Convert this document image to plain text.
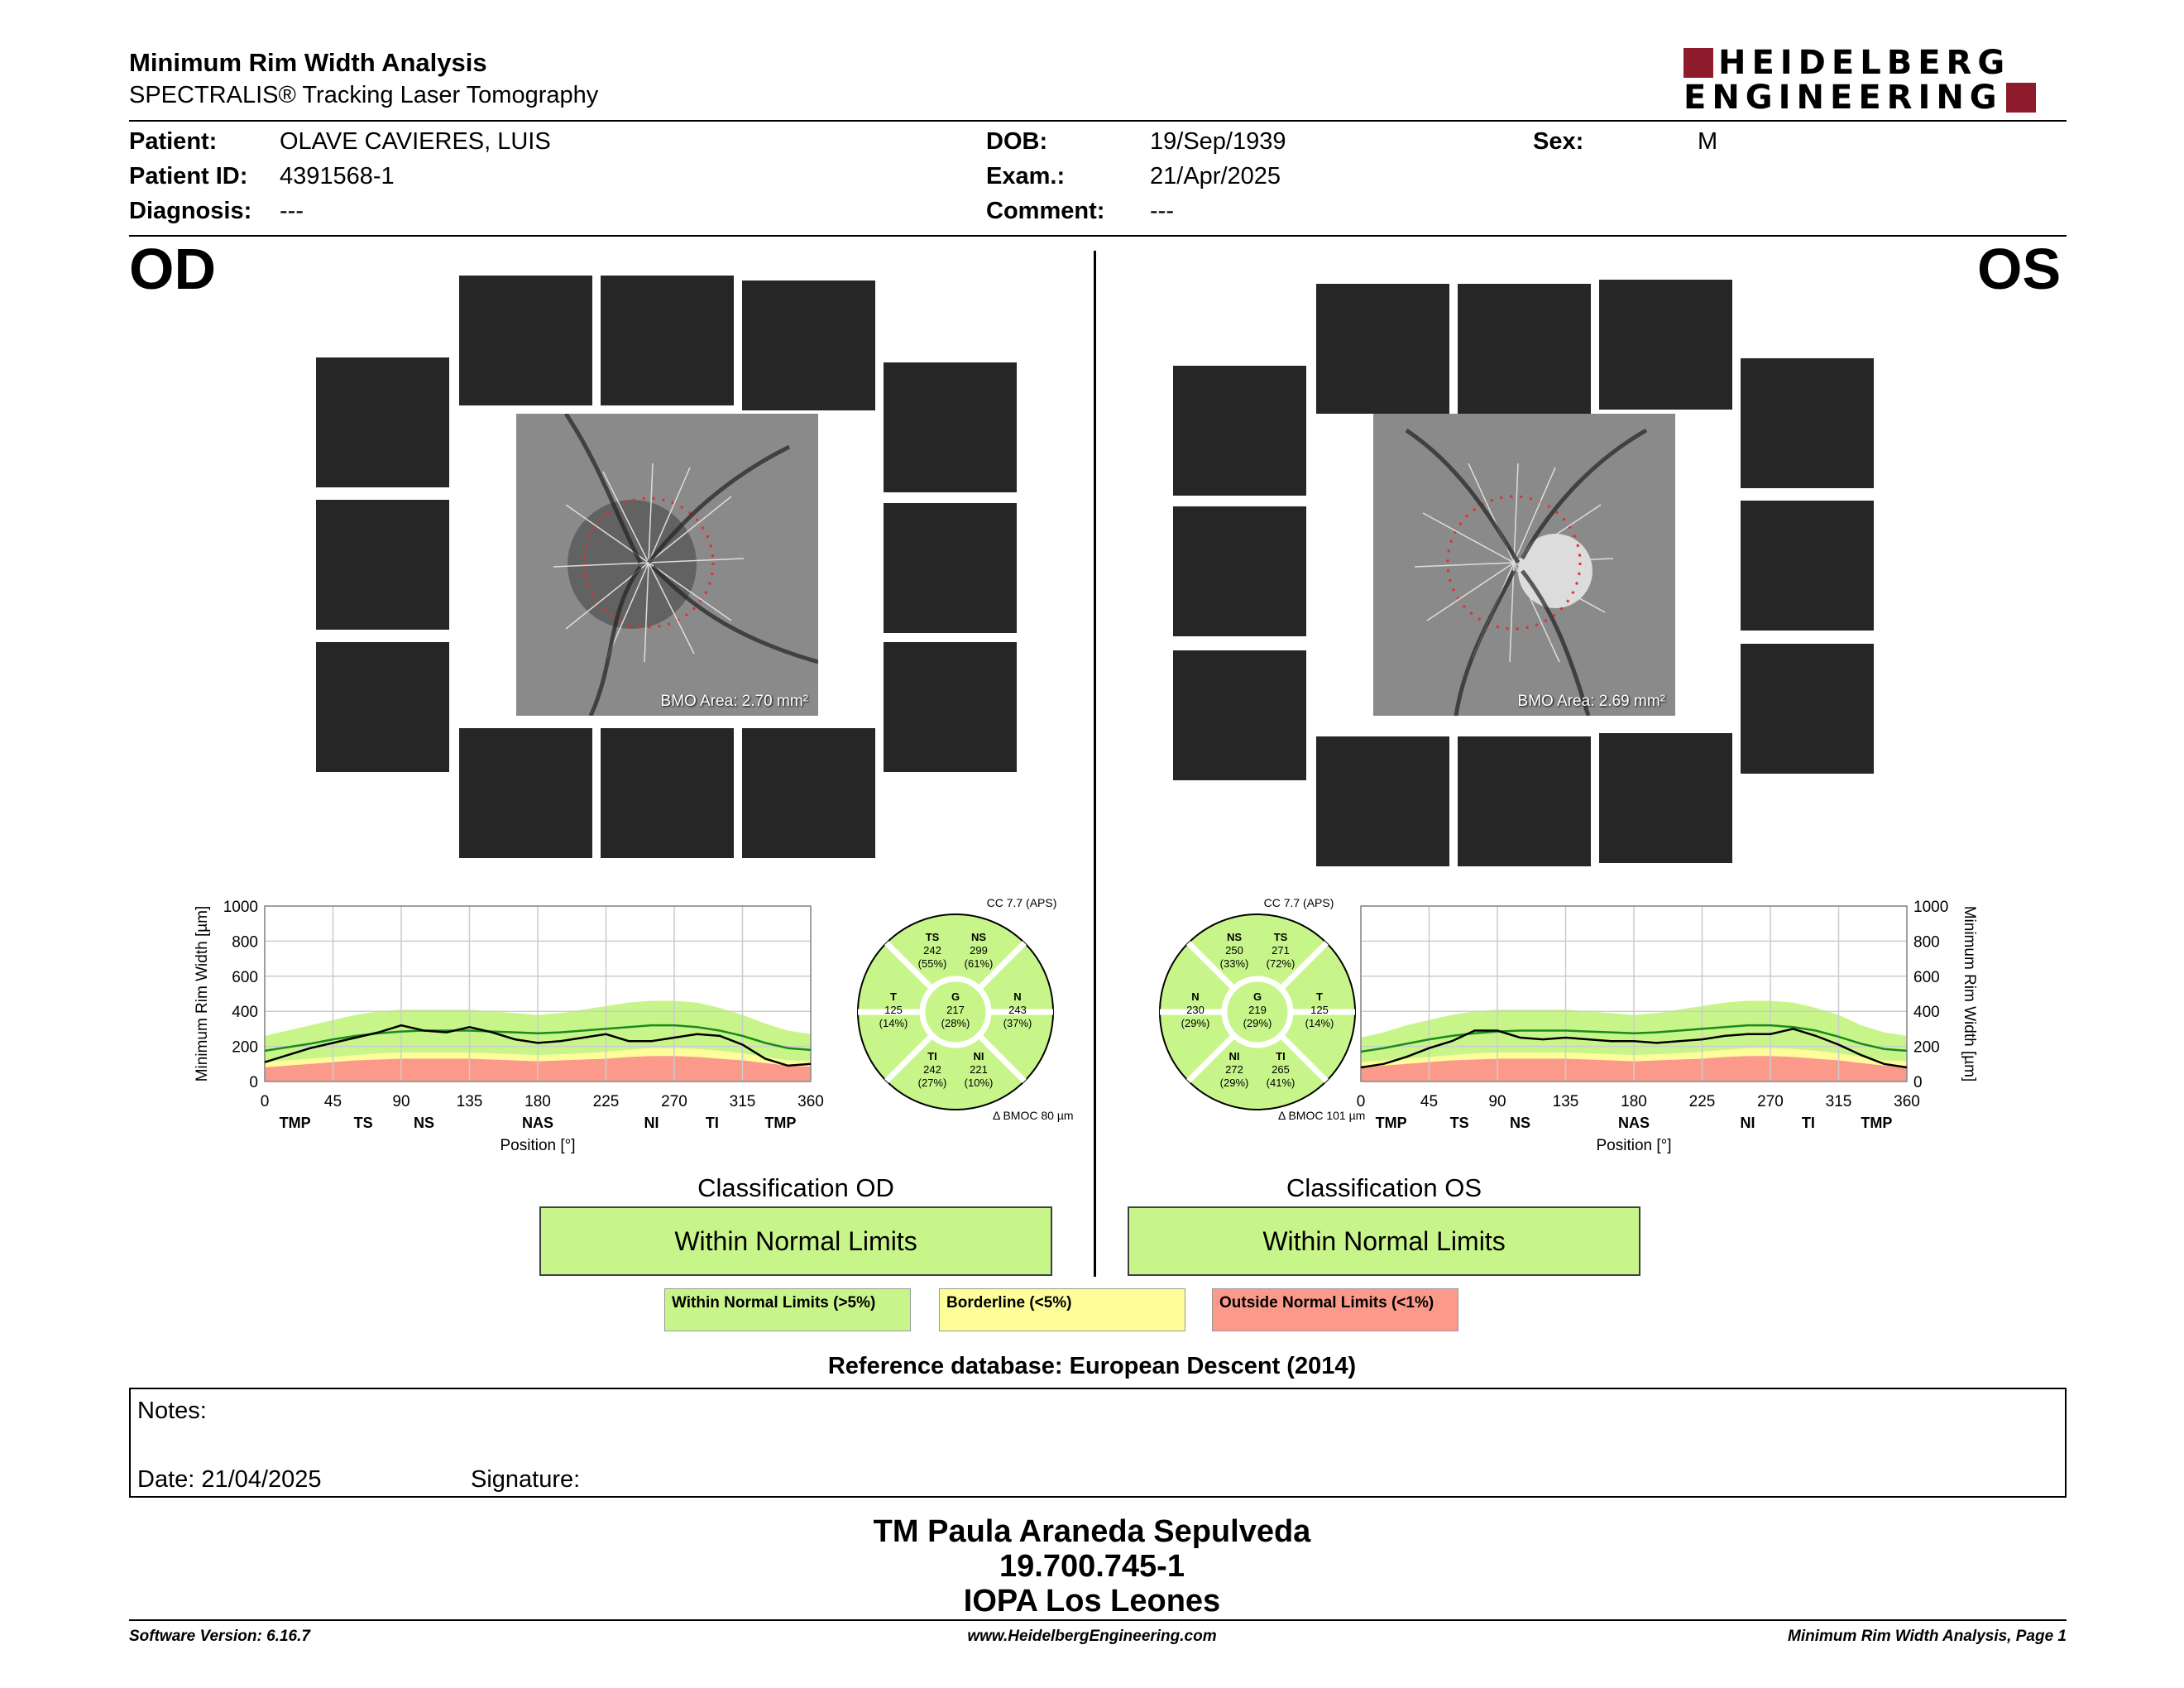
Minimum Rim Width Analysis
SPECTRALIS® Tracking Laser Tomography
HEIDELBERG
ENGINEERING
Patient:	OLAVE CAVIERES, LUIS
Patient ID: 4391568-1
Diagnosis: ---
DOB:	19/Sep/1939
Exam.:	21/Apr/2025
Comment: ---
Sex:	M
OD	OS
BMO Area: 2.70 mm²	BMO Area: 2.69 mm²
0	45	90	135	180	225	270	315	360
0
200
400
600
800
1000
TMP	TS	NS	NAS	NI	TI	TMP
Position [°]
Minimum Rim Width [µm]
0	45	90	135	180	225	270	315	360
0
200
400
600
800
1000
TMP	TS	NS	NAS	NI	TI	TMP
Position [°]
Minimum Rim Width [µm]
CC 7.7 (APS)
TS
242
(55%)
NS
299
(61%)
N
243
(37%)
NI
221
(10%)
TI
242
(27%)
T
125
(14%)
G
217
(28%)
Δ BMOC 80 µm
CC 7.7 (APS)
NS
250
(33%)
TS
271
(72%)
T
125
(14%)
TI
265
(41%)
NI
272
(29%)
N
230
(29%)
G
219
(29%)
Δ BMOC 101 µm
Classification OD
Within Normal Limits
Classification OS
Within Normal Limits
Within Normal Limits (>5%)	Borderline (<5%)	Outside Normal Limits (<1%)
Reference database: European Descent (2014)
Notes:
Date: 21/04/2025	Signature:
TM Paula Araneda Sepulveda
19.700.745-1
IOPA Los Leones
Software Version: 6.16.7	www.HeidelbergEngineering.com	Minimum Rim Width Analysis, Page 1
